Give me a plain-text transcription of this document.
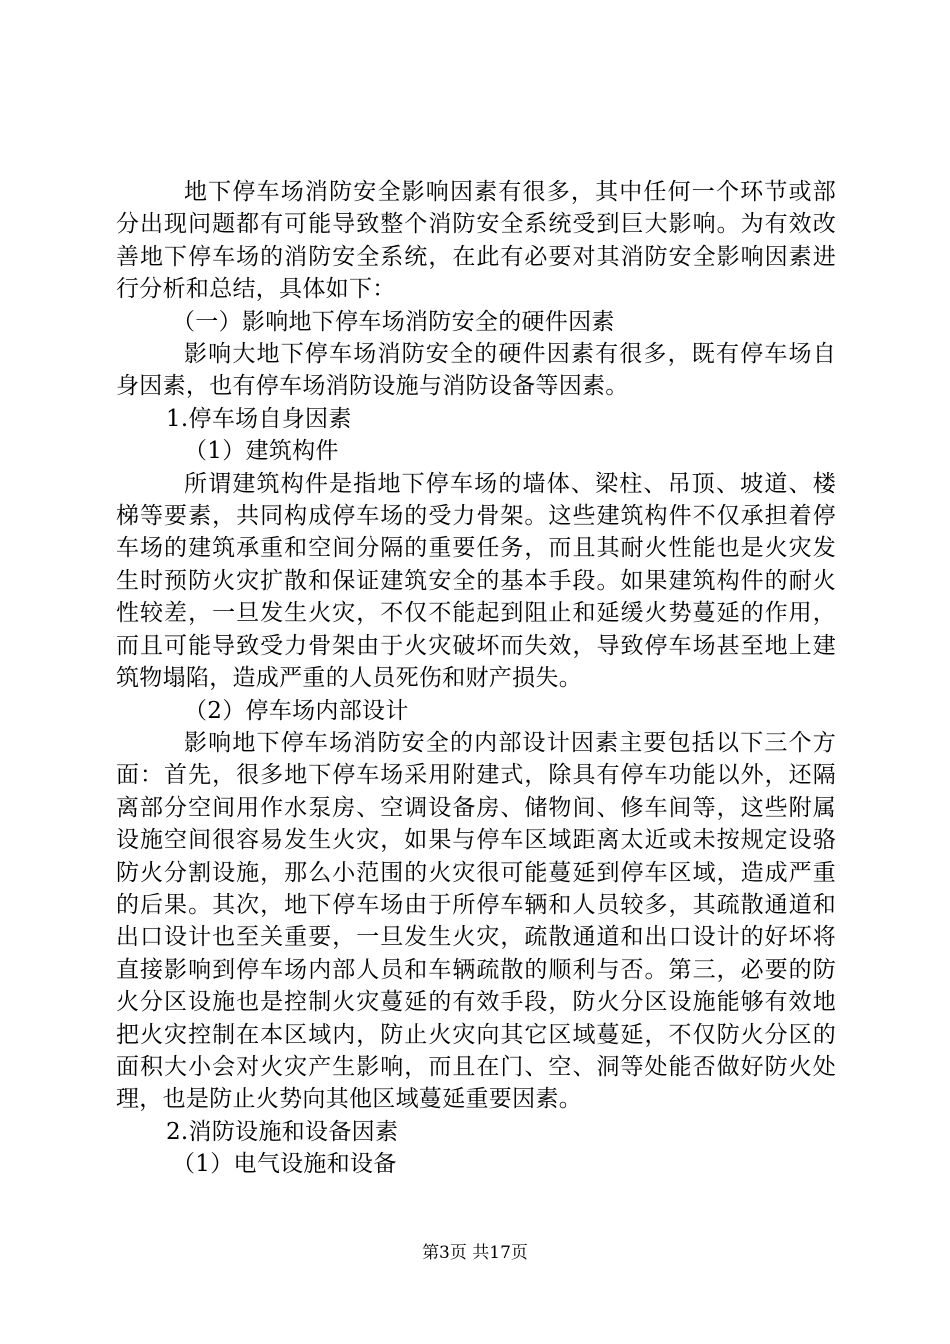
地下停车场消防安全影响因素有很多，其中任何一个环节或部分出现问题都有可能导致整个消防安全系统受到巨大影响。为有效改善地下停车场的消防安全系统，在此有必要对其消防安全影响因素进行分析和总结，具体如下：

（一）影响地下停车场消防安全的硬件因素

影响大地下停车场消防安全的硬件因素有很多，既有停车场自身因素，也有停车场消防设施与消防设备等因素。

1.停车场自身因素

（1）建筑构件

所谓建筑构件是指地下停车场的墙体、梁柱、吊顶、坡道、楼梯等要素，共同构成停车场的受力骨架。这些建筑构件不仅承担着停车场的建筑承重和空间分隔的重要任务，而且其耐火性能也是火灾发生时预防火灾扩散和保证建筑安全的基本手段。如果建筑构件的耐火性较差，一旦发生火灾，不仅不能起到阻止和延缓火势蔓延的作用，而且可能导致受力骨架由于火灾破坏而失效，导致停车场甚至地上建筑物塌陷，造成严重的人员死伤和财产损失。

（2）停车场内部设计

影响地下停车场消防安全的内部设计因素主要包括以下三个方面：首先，很多地下停车场采用附建式，除具有停车功能以外，还隔离部分空间用作水泵房、空调设备房、储物间、修车间等，这些附属设施空间很容易发生火灾，如果与停车区域距离太近或未按规定设骆防火分割设施，那么小范围的火灾很可能蔓延到停车区域，造成严重的后果。其次，地下停车场由于所停车辆和人员较多，其疏散通道和出口设计也至关重要，一旦发生火灾，疏散通道和出口设计的好坏将直接影响到停车场内部人员和车辆疏散的顺利与否。第三，必要的防火分区设施也是控制火灾蔓延的有效手段，防火分区设施能够有效地把火灾控制在本区域内，防止火灾向其它区域蔓延，不仅防火分区的面积大小会对火灾产生影响，而且在门、空、洞等处能否做好防火处理，也是防止火势向其他区域蔓延重要因素。

2.消防设施和设备因素

（1）电气设施和设备

第3页 共17页
